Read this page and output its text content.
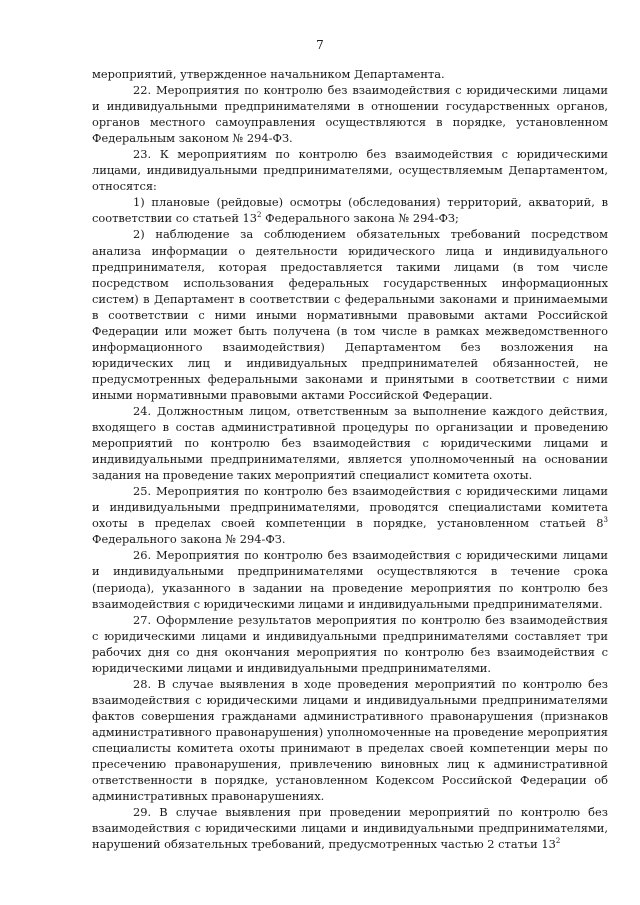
7

мероприятий, утвержденное начальником Департамента.

22. Мероприятия по контролю без взаимодействия с юридическими лицами и индивидуальными предпринимателями в отношении государственных органов, органов местного самоуправления осуществляются в порядке, установленном Федеральным законом № 294-ФЗ.

23. К мероприятиям по контролю без взаимодействия с юридическими лицами, индивидуальными предпринимателями, осуществляемым Департаментом, относятся:

1) плановые (рейдовые) осмотры (обследования) территорий, акваторий, в соответствии со статьей $13^2$ Федерального закона № 294-ФЗ;

2) наблюдение за соблюдением обязательных требований посредством анализа информации о деятельности юридического лица и индивидуального предпринимателя, которая предоставляется такими лицами (в том числе посредством использования федеральных государственных информационных систем) в Департамент в соответствии с федеральными законами и принимаемыми в соответствии с ними иными нормативными правовыми актами Российской Федерации или может быть получена (в том числе в рамках межведомственного информационного взаимодействия) Департаментом без возложения на юридических лиц и индивидуальных предпринимателей обязанностей, не предусмотренных федеральными законами и принятыми в соответствии с ними иными нормативными правовыми актами Российской Федерации.

24. Должностным лицом, ответственным за выполнение каждого действия, входящего в состав административной процедуры по организации и проведению мероприятий по контролю без взаимодействия с юридическими лицами и индивидуальными предпринимателями, является уполномоченный на основании задания на проведение таких мероприятий специалист комитета охоты.

25. Мероприятия по контролю без взаимодействия с юридическими лицами и индивидуальными предпринимателями, проводятся специалистами комитета охоты в пределах своей компетенции в порядке, установленном статьей $8^3$ Федерального закона № 294-ФЗ.

26. Мероприятия по контролю без взаимодействия с юридическими лицами и индивидуальными предпринимателями осуществляются в течение срока (периода), указанного в задании на проведение мероприятия по контролю без взаимодействия с юридическими лицами и индивидуальными предпринимателями.

27. Оформление результатов мероприятия по контролю без взаимодействия с юридическими лицами и индивидуальными предпринимателями составляет три рабочих дня со дня окончания мероприятия по контролю без взаимодействия с юридическими лицами и индивидуальными предпринимателями.

28. В случае выявления в ходе проведения мероприятий по контролю без взаимодействия с юридическими лицами и индивидуальными предпринимателями фактов совершения гражданами административного правонарушения (признаков административного правонарушения) уполномоченные на проведение мероприятия специалисты комитета охоты принимают в пределах своей компетенции меры по пресечению правонарушения, привлечению виновных лиц к административной ответственности в порядке, установленном Кодексом Российской Федерации об административных правонарушениях.

29. В случае выявления при проведении мероприятий по контролю без взаимодействия с юридическими лицами и индивидуальными предпринимателями, нарушений обязательных требований, предусмотренных частью 2 статьи $13^2$
